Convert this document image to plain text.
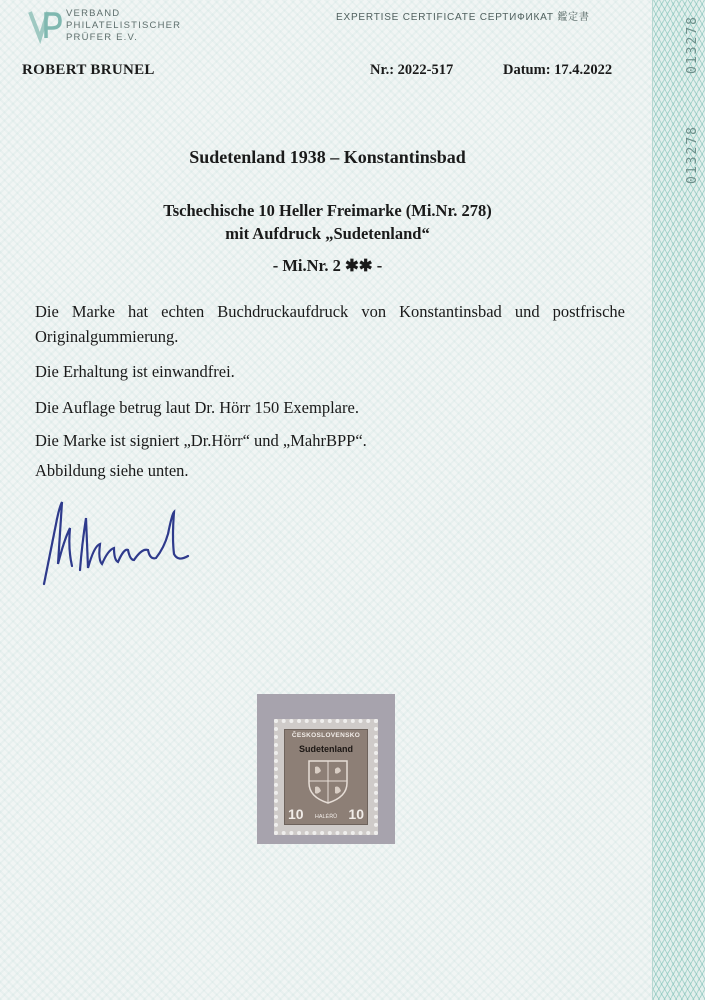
013278
013278
VERBAND
PHILATELISTISCHER
PRÜFER E.V.
EXPERTISE CERTIFICATE СЕРТИФИКАТ 鑑定書
ROBERT BRUNEL	Nr.: 2022-517	Datum: 17.4.2022
Sudetenland 1938 – Konstantinsbad
Tschechische 10 Heller Freimarke (Mi.Nr. 278)
mit Aufdruck „Sudetenland“
- Mi.Nr. 2 ✱✱ -
Die Marke hat echten Buchdruckaufdruck von Konstantinsbad und postfrische Originalgummierung.
Die Erhaltung ist einwandfrei.
Die Auflage betrug laut Dr. Hörr 150 Exemplare.
Die Marke ist signiert „Dr.Hörr“ und „MahrBPP“.
Abbildung siehe unten.
ČESKOSLOVENSKO
Sudetenland
10	HALÉŘŮ 10
